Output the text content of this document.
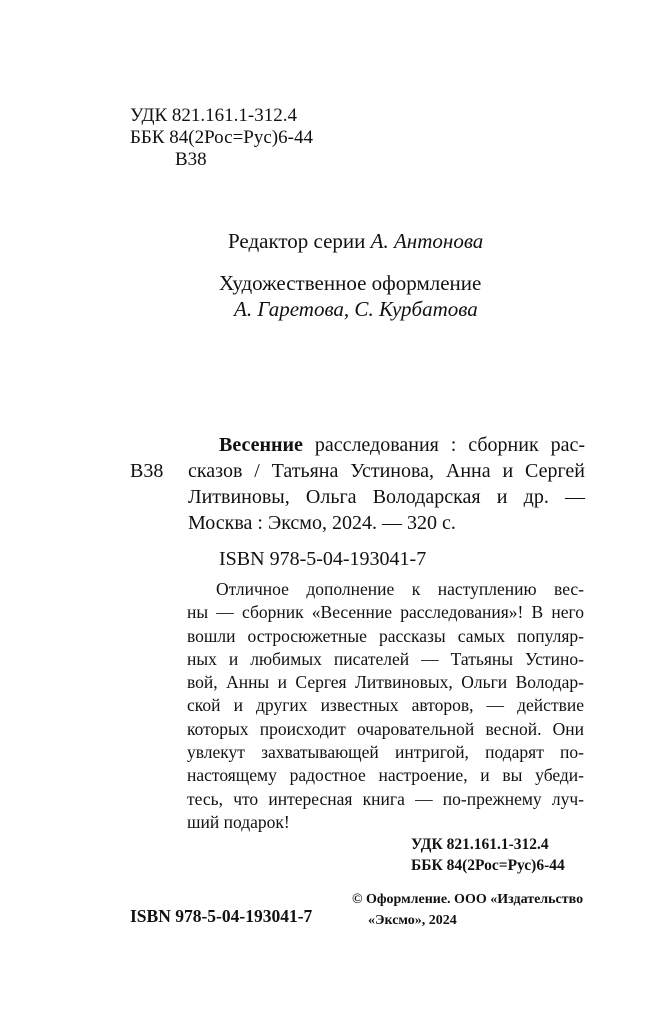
УДК 821.161.1-312.4
ББК 84(2Рос=Рус)6-44
В38
Редактор серии А. Антонова
Художественное оформление
А. Гаретова, С. Курбатова
В38
Весенние расследования : сборник рас-
сказов / Татьяна Устинова, Анна и Сергей
Литвиновы, Ольга Володарская и др. —
Москва : Эксмо, 2024. — 320 с.
ISBN 978-5-04-193041-7
Отличное дополнение к наступлению вес-
ны — сборник «Весенние расследования»! В него
вошли остросюжетные рассказы самых популяр-
ных и любимых писателей — Татьяны Устино-
вой, Анны и Сергея Литвиновых, Ольги Володар-
ской и других известных авторов, — действие
которых происходит очаровательной весной. Они
увлекут захватывающей интригой, подарят по-
настоящему радостное настроение, и вы убеди-
тесь, что интересная книга — по-прежнему луч-
ший подарок!
УДК 821.161.1-312.4
ББК 84(2Рос=Рус)6-44
ISBN 978-5-04-193041-7
© Оформление. ООО «Издательство
«Эксмо», 2024
